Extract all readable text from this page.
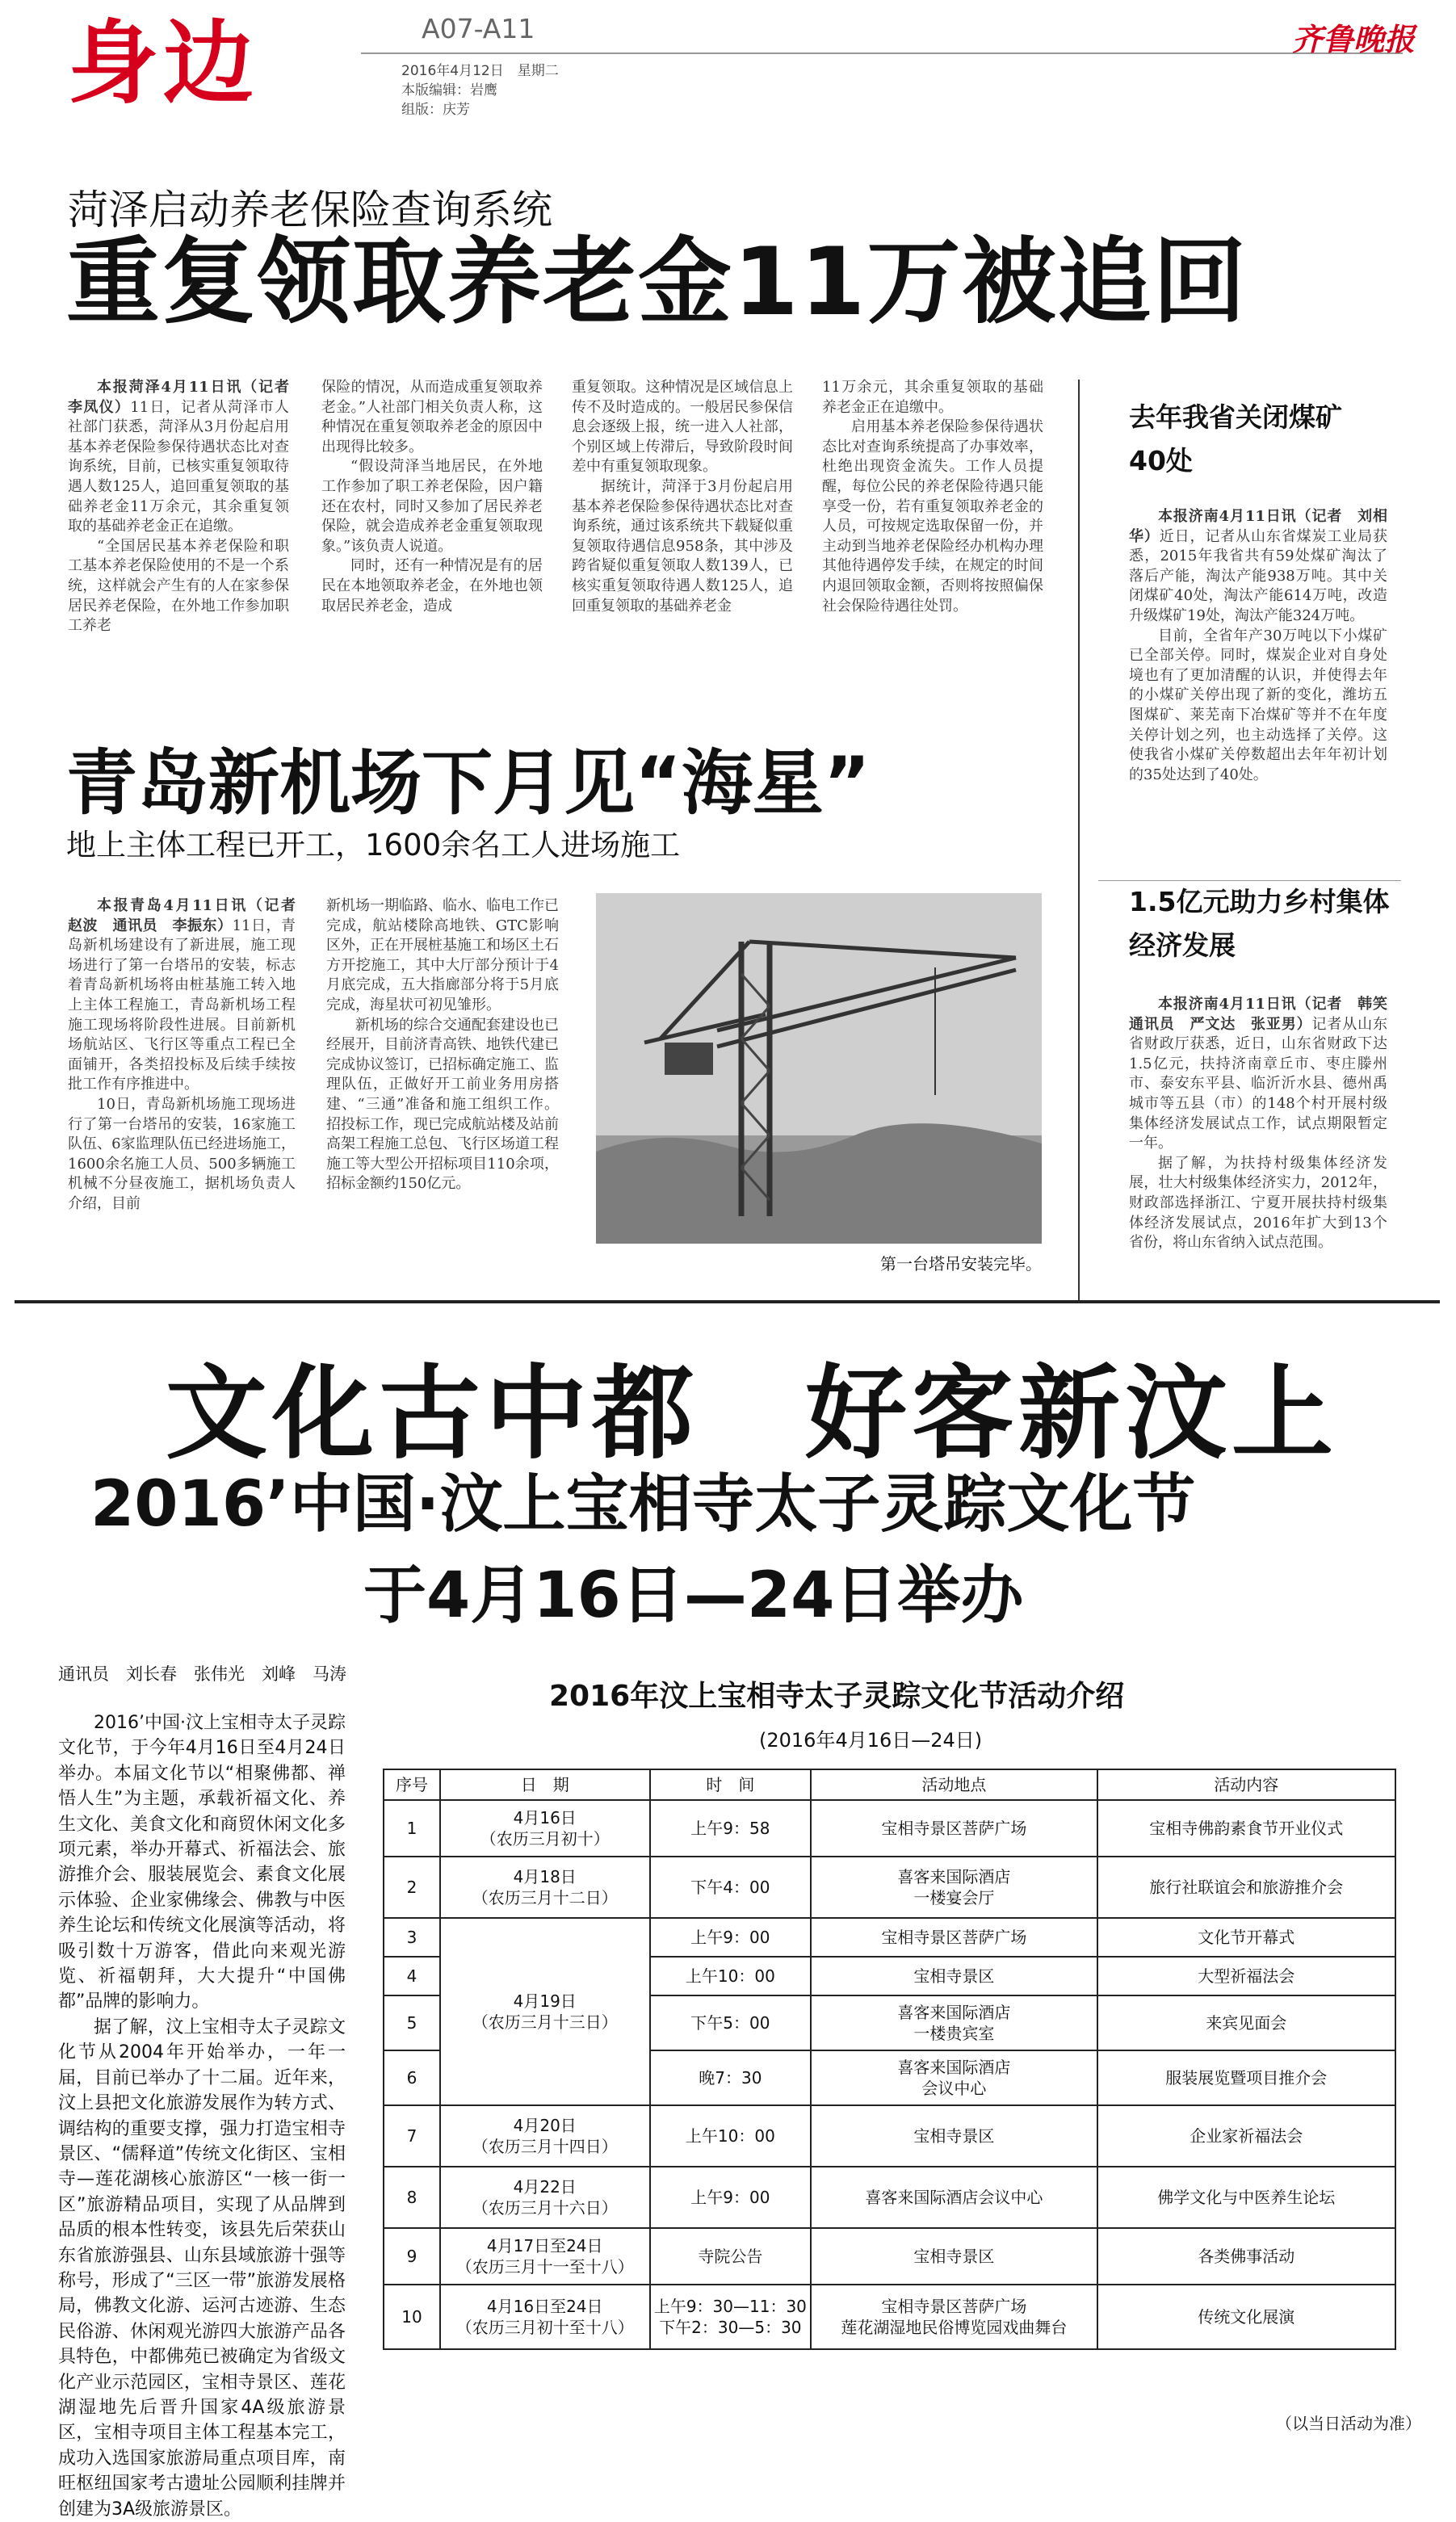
身边	A07-A11
2016年4月12日　星期二
本版编辑：岩鹰
组版：庆芳
齐鲁晚报
菏泽启动养老保险查询系统
重复领取养老金11万被追回

本报菏泽4月11日讯（记者　李凤仪）11日，记者从菏泽市人社部门获悉，菏泽从3月份起启用基本养老保险参保待遇状态比对查询系统，目前，已核实重复领取待遇人数125人，追回重复领取的基础养老金11万余元，其余重复领取的基础养老金正在追缴。

“全国居民基本养老保险和职工基本养老保险使用的不是一个系统，这样就会产生有的人在家参保居民养老保险，在外地工作参加职工养老

保险的情况，从而造成重复领取养老金。”人社部门相关负责人称，这种情况在重复领取养老金的原因中出现得比较多。

“假设菏泽当地居民，在外地工作参加了职工养老保险，因户籍还在农村，同时又参加了居民养老保险，就会造成养老金重复领取现象。”该负责人说道。

同时，还有一种情况是有的居民在本地领取养老金，在外地也领取居民养老金，造成

重复领取。这种情况是区域信息上传不及时造成的。一般居民参保信息会逐级上报，统一进入人社部，个别区域上传滞后，导致阶段时间差中有重复领取现象。

据统计，菏泽于3月份起启用基本养老保险参保待遇状态比对查询系统，通过该系统共下载疑似重复领取待遇信息958条，其中涉及跨省疑似重复领取人数139人，已核实重复领取待遇人数125人，追回重复领取的基础养老金

11万余元，其余重复领取的基础养老金正在追缴中。

启用基本养老保险参保待遇状态比对查询系统提高了办事效率，杜绝出现资金流失。工作人员提醒，每位公民的养老保险待遇只能享受一份，若有重复领取养老金的人员，可按规定选取保留一份，并主动到当地养老保险经办机构办理其他待遇停发手续，在规定的时间内退回领取金额，否则将按照偏保社会保险待遇往处罚。

去年我省关闭煤矿40处

本报济南4月11日讯（记者　刘相华）近日，记者从山东省煤炭工业局获悉，2015年我省共有59处煤矿淘汰了落后产能，淘汰产能938万吨。其中关闭煤矿40处，淘汰产能614万吨，改造升级煤矿19处，淘汰产能324万吨。

目前，全省年产30万吨以下小煤矿已全部关停。同时，煤炭企业对自身处境也有了更加清醒的认识，并使得去年的小煤矿关停出现了新的变化，潍坊五图煤矿、莱芜南下冶煤矿等并不在年度关停计划之列，也主动选择了关停。这使我省小煤矿关停数超出去年年初计划的35处达到了40处。

青岛新机场下月见“海星”
地上主体工程已开工，1600余名工人进场施工

本报青岛4月11日讯（记者　赵波　通讯员　李振东）11日，青岛新机场建设有了新进展，施工现场进行了第一台塔吊的安装，标志着青岛新机场将由桩基施工转入地上主体工程施工，青岛新机场工程施工现场将阶段性进展。目前新机场航站区、飞行区等重点工程已全面铺开，各类招投标及后续手续按批工作有序推进中。

10日，青岛新机场施工现场进行了第一台塔吊的安装，16家施工队伍、6家监理队伍已经进场施工，1600余名施工人员、500多辆施工机械不分昼夜施工，据机场负责人介绍，目前

新机场一期临路、临水、临电工作已完成，航站楼除高地铁、GTC影响区外，正在开展桩基施工和场区土石方开挖施工，其中大厅部分预计于4月底完成，五大指廊部分将于5月底完成，海星状可初见雏形。

新机场的综合交通配套建设也已经展开，目前济青高铁、地铁代建已完成协议签订，已招标确定施工、监理队伍，正做好开工前业务用房搭建、“三通”准备和施工组织工作。招投标工作，现已完成航站楼及站前高架工程施工总包、飞行区场道工程施工等大型公开招标项目110余项，招标金额约150亿元。

第一台塔吊安装完毕。
1.5亿元助力乡村集体经济发展

本报济南4月11日讯（记者　韩笑　通讯员　严文达　张亚男）记者从山东省财政厅获悉，近日，山东省财政下达1.5亿元，扶持济南章丘市、枣庄滕州市、泰安东平县、临沂沂水县、德州禹城市等五县（市）的148个村开展村级集体经济发展试点工作，试点期限暂定一年。

据了解，为扶持村级集体经济发展，壮大村级集体经济实力，2012年，财政部选择浙江、宁夏开展扶持村级集体经济发展试点，2016年扩大到13个省份，将山东省纳入试点范围。

文化古中都　好客新汶上
2016’中国·汶上宝相寺太子灵踪文化节
于4月16日—24日举办
通讯员　刘长春　张伟光　刘峰　马涛

2016’中国·汶上宝相寺太子灵踪文化节，于今年4月16日至4月24日举办。本届文化节以“相聚佛都、禅悟人生”为主题，承载祈福文化、养生文化、美食文化和商贸休闲文化多项元素，举办开幕式、祈福法会、旅游推介会、服装展览会、素食文化展示体验、企业家佛缘会、佛教与中医养生论坛和传统文化展演等活动，将吸引数十万游客，借此向来观光游览、祈福朝拜，大大提升“中国佛都”品牌的影响力。

据了解，汶上宝相寺太子灵踪文化节从2004年开始举办，一年一届，目前已举办了十二届。近年来，汶上县把文化旅游发展作为转方式、调结构的重要支撑，强力打造宝相寺景区、“儒释道”传统文化街区、宝相寺—莲花湖核心旅游区“一核一街一区”旅游精品项目，实现了从品牌到品质的根本性转变，该县先后荣获山东省旅游强县、山东县域旅游十强等称号，形成了“三区一带”旅游发展格局，佛教文化游、运河古迹游、生态民俗游、休闲观光游四大旅游产品各具特色，中都佛苑已被确定为省级文化产业示范园区，宝相寺景区、莲花湖湿地先后晋升国家4A级旅游景区，宝相寺项目主体工程基本完工，成功入选国家旅游局重点项目库，南旺枢纽国家考古遗址公园顺利挂牌并创建为3A级旅游景区。

2016年汶上宝相寺太子灵踪文化节活动介绍
(2016年4月16日—24日)
序号	日　期	时　间	活动地点	活动内容
1	4月16日
（农历三月初十）	上午9：58	宝相寺景区菩萨广场	宝相寺佛韵素食节开业仪式
2	4月18日
（农历三月十二日）	下午4：00	喜客来国际酒店
一楼宴会厅	旅行社联谊会和旅游推介会
3	4月19日
（农历三月十三日）	上午9：00	宝相寺景区菩萨广场	文化节开幕式
4		上午10：00	宝相寺景区	大型祈福法会
5		下午5：00	喜客来国际酒店
一楼贵宾室	来宾见面会
6		晚7：30	喜客来国际酒店
会议中心	服装展览暨项目推介会
7	4月20日
（农历三月十四日）	上午10：00	宝相寺景区	企业家祈福法会
8	4月22日
（农历三月十六日）	上午9：00	喜客来国际酒店会议中心	佛学文化与中医养生论坛
9	4月17日至24日
（农历三月十一至十八）	寺院公告	宝相寺景区	各类佛事活动
10	4月16日至24日
（农历三月初十至十八）	上午9：30—11：30
下午2：30—5：30	宝相寺景区菩萨广场
莲花湖湿地民俗博览园戏曲舞台	传统文化展演
（以当日活动为准）
